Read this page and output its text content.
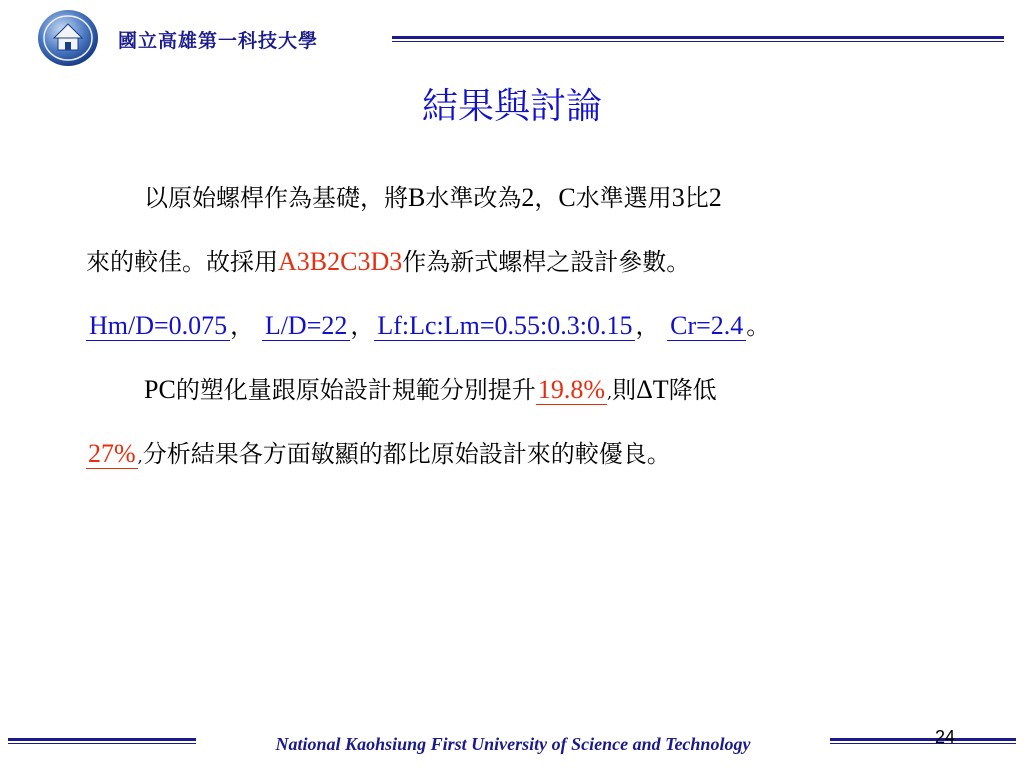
國立高雄第一科技大學
結果與討論
以原始螺桿作為基礎，將B水準改為2，C水準選用3比2
來的較佳。故採用A3B2C3D3作為新式螺桿之設計參數。
Hm/D=0.075 ， L/D=22 ， Lf:Lc:Lm=0.55:0.3:0.15 ， Cr=2.4 。
PC的塑化量跟原始設計規範分別提升19.8% ,則ΔT降低
27% ,分析結果各方面敏顯的都比原始設計來的較優良。
National Kaohsiung First University of Science and Technology	24
